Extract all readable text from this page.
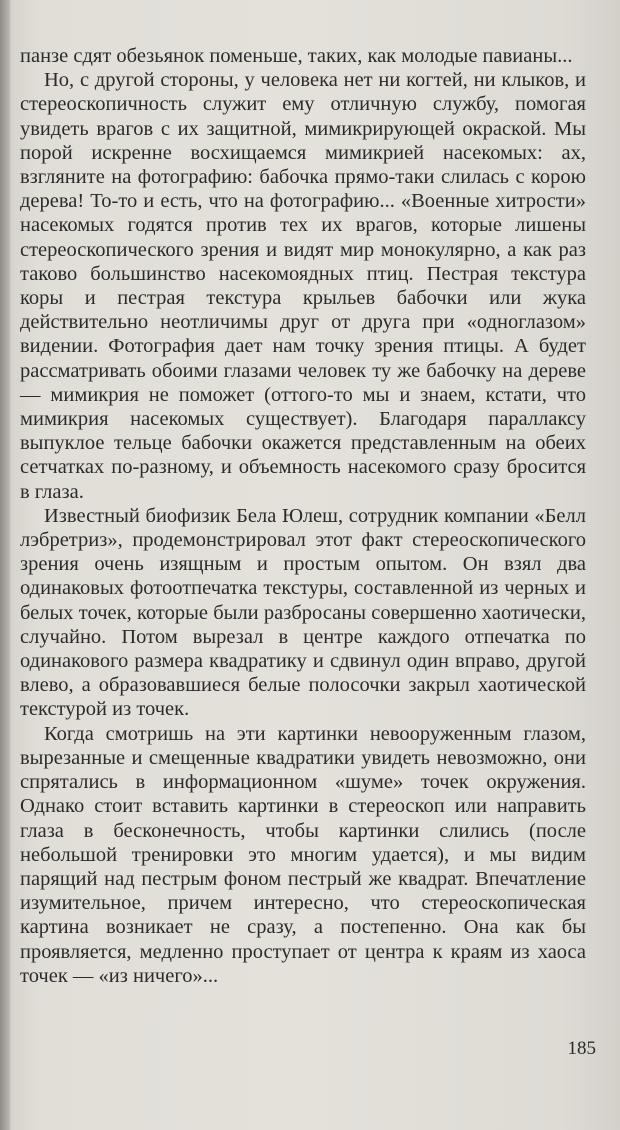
панзе сдят обезьянок поменьше, таких, как молодые павианы...

Но, с другой стороны, у человека нет ни когтей, ни клыков, и стереоскопичность служит ему отличную службу, помогая увидеть врагов с их защитной, мимикрирующей окраской. Мы порой искренне восхищаемся мимикрией насекомых: ах, взгляните на фотографию: бабочка прямо-таки слилась с корою дерева! То-то и есть, что на фотографию... «Военные хитрости» насекомых годятся против тех их врагов, которые лишены стереоскопического зрения и видят мир монокулярно, а как раз таково большинство насекомоядных птиц. Пестрая текстура коры и пестрая текстура крыльев бабочки или жука действительно неотличимы друг от друга при «одноглазом» видении. Фотография дает нам точку зрения птицы. А будет рассматривать обоими глазами человек ту же бабочку на дереве — мимикрия не поможет (оттого-то мы и знаем, кстати, что мимикрия насекомых существует). Благодаря параллаксу выпуклое тельце бабочки окажется представленным на обеих сетчатках по-разному, и объемность насекомого сразу бросится в глаза.

Известный биофизик Бела Юлеш, сотрудник компании «Белл лэбретриз», продемонстрировал этот факт стереоскопического зрения очень изящным и простым опытом. Он взял два одинаковых фотоотпечатка текстуры, составленной из черных и белых точек, которые были разбросаны совершенно хаотически, случайно. Потом вырезал в центре каждого отпечатка по одинакового размера квадратику и сдвинул один вправо, другой влево, а образовавшиеся белые полосочки закрыл хаотической текстурой из точек.

Когда смотришь на эти картинки невооруженным глазом, вырезанные и смещенные квадратики увидеть невозможно, они спрятались в информационном «шуме» точек окружения. Однако стоит вставить картинки в стереоскоп или направить глаза в бесконечность, чтобы картинки слились (после небольшой тренировки это многим удается), и мы видим парящий над пестрым фоном пестрый же квадрат. Впечатление изумительное, причем интересно, что стереоскопическая картина возникает не сразу, а постепенно. Она как бы проявляется, медленно проступает от центра к краям из хаоса точек — «из ничего»...

185
